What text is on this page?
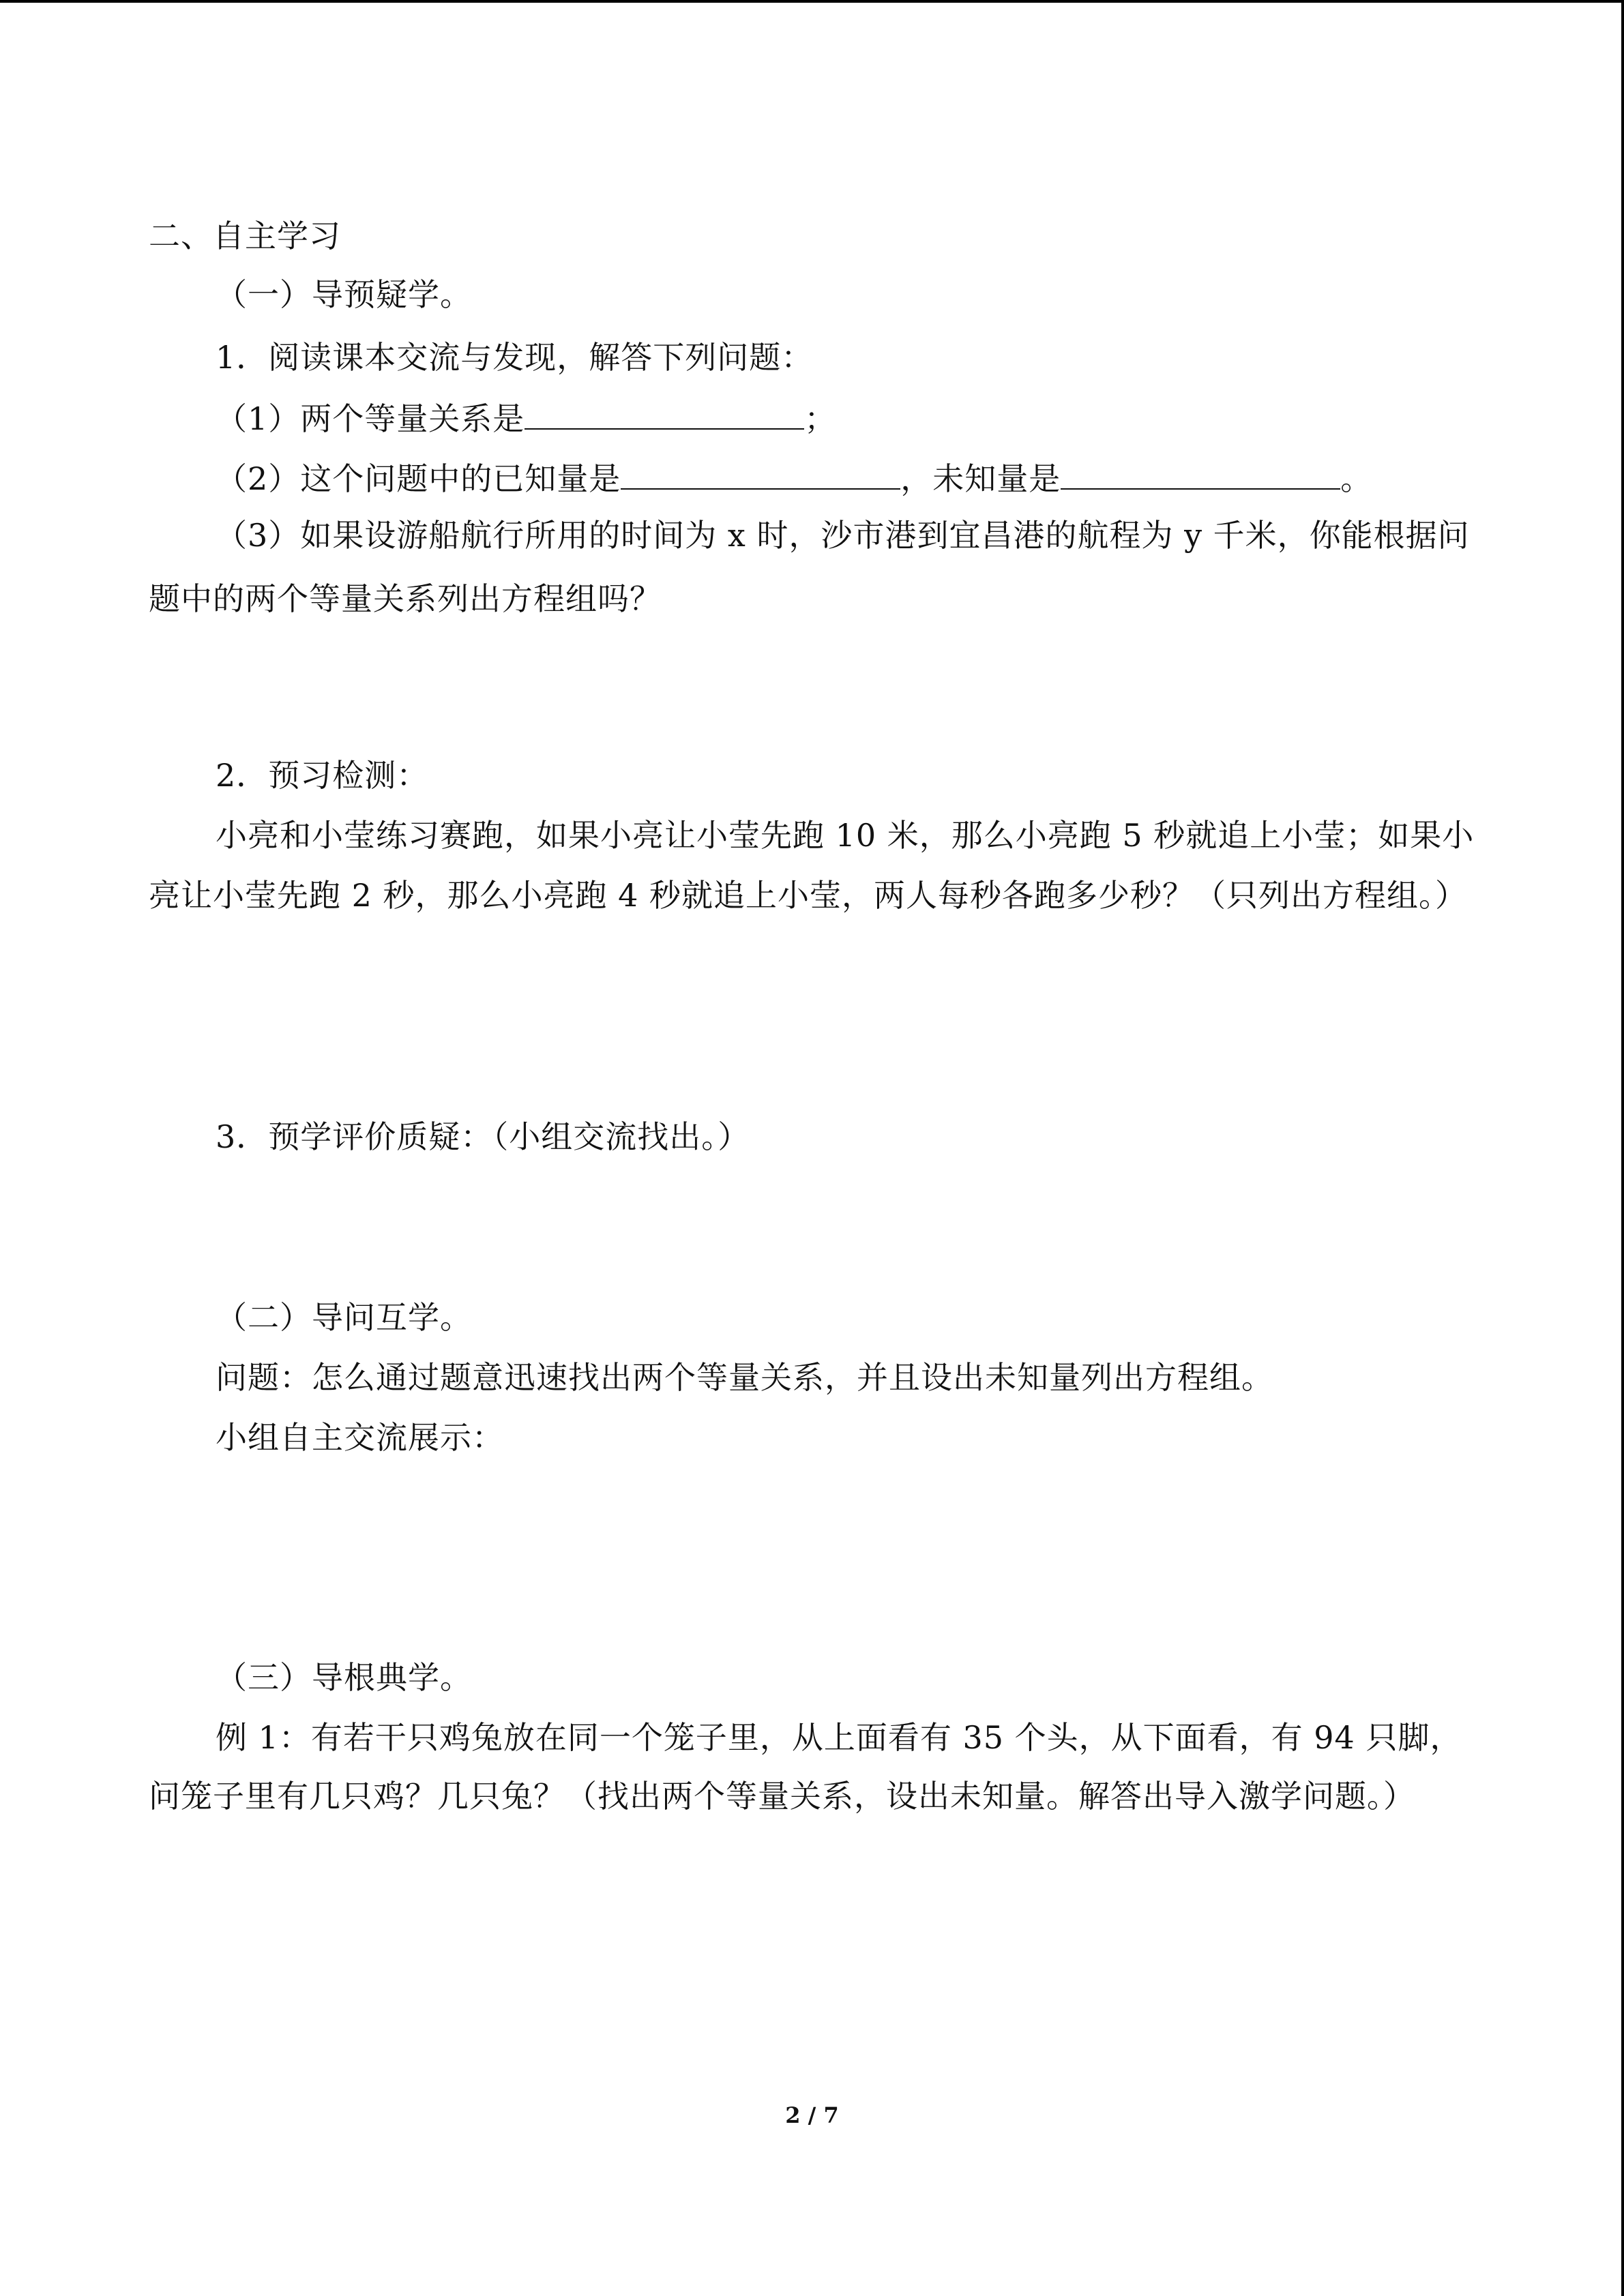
二、自主学习
（一）导预疑学。
1．阅读课本交流与发现，解答下列问题：
（1）两个等量关系是	；
（2）这个问题中的已知量是	，未知量是	。
（3）如果设游船航行所用的时间为 x 时，沙市港到宜昌港的航程为 y 千米，你能根据问
题中的两个等量关系列出方程组吗？
2．预习检测：
小亮和小莹练习赛跑，如果小亮让小莹先跑 10 米，那么小亮跑 5 秒就追上小莹；如果小
亮让小莹先跑 2 秒，那么小亮跑 4 秒就追上小莹，两人每秒各跑多少秒？（只列出方程组。）
3．预学评价质疑：（小组交流找出。）
（二）导问互学。
问题：怎么通过题意迅速找出两个等量关系，并且设出未知量列出方程组。
小组自主交流展示：
（三）导根典学。
例 1：有若干只鸡兔放在同一个笼子里，从上面看有 35 个头，从下面看，有 94 只脚，
问笼子里有几只鸡？几只兔？（找出两个等量关系，设出未知量。解答出导入激学问题。）
2 / 7
